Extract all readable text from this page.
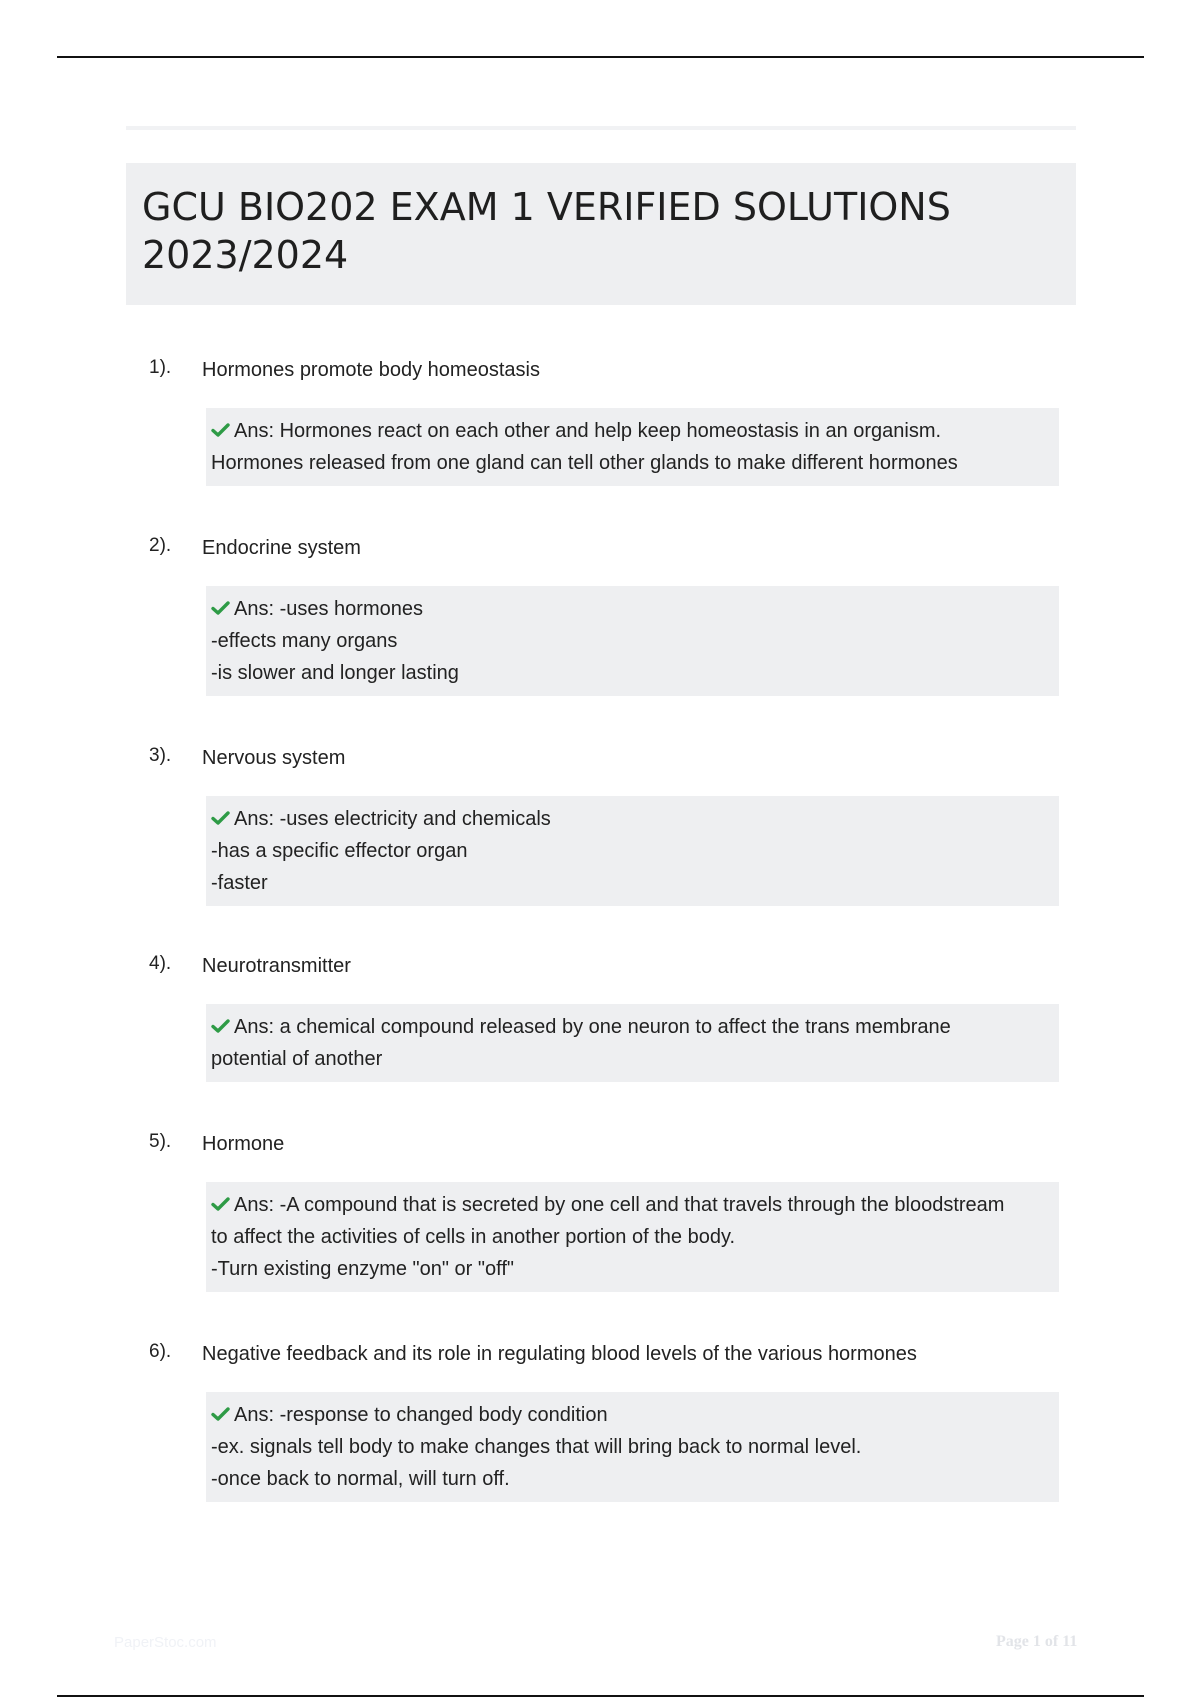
GCU BIO202 EXAM 1 VERIFIED SOLUTIONS 2023/2024
1). Hormones promote body homeostasis
Ans: Hormones react on each other and help keep homeostasis in an organism.
Hormones released from one gland can tell other glands to make different hormones
2). Endocrine system
Ans: -uses hormones
-effects many organs
-is slower and longer lasting
3). Nervous system
Ans: -uses electricity and chemicals
-has a specific effector organ
-faster
4). Neurotransmitter
Ans: a chemical compound released by one neuron to affect the trans membrane
potential of another
5). Hormone
Ans: -A compound that is secreted by one cell and that travels through the bloodstream
to affect the activities of cells in another portion of the body.
-Turn existing enzyme "on" or "off"
6). Negative feedback and its role in regulating blood levels of the various hormones
Ans: -response to changed body condition
-ex. signals tell body to make changes that will bring back to normal level.
-once back to normal, will turn off.
PaperStoc.com	Page 1 of 11
